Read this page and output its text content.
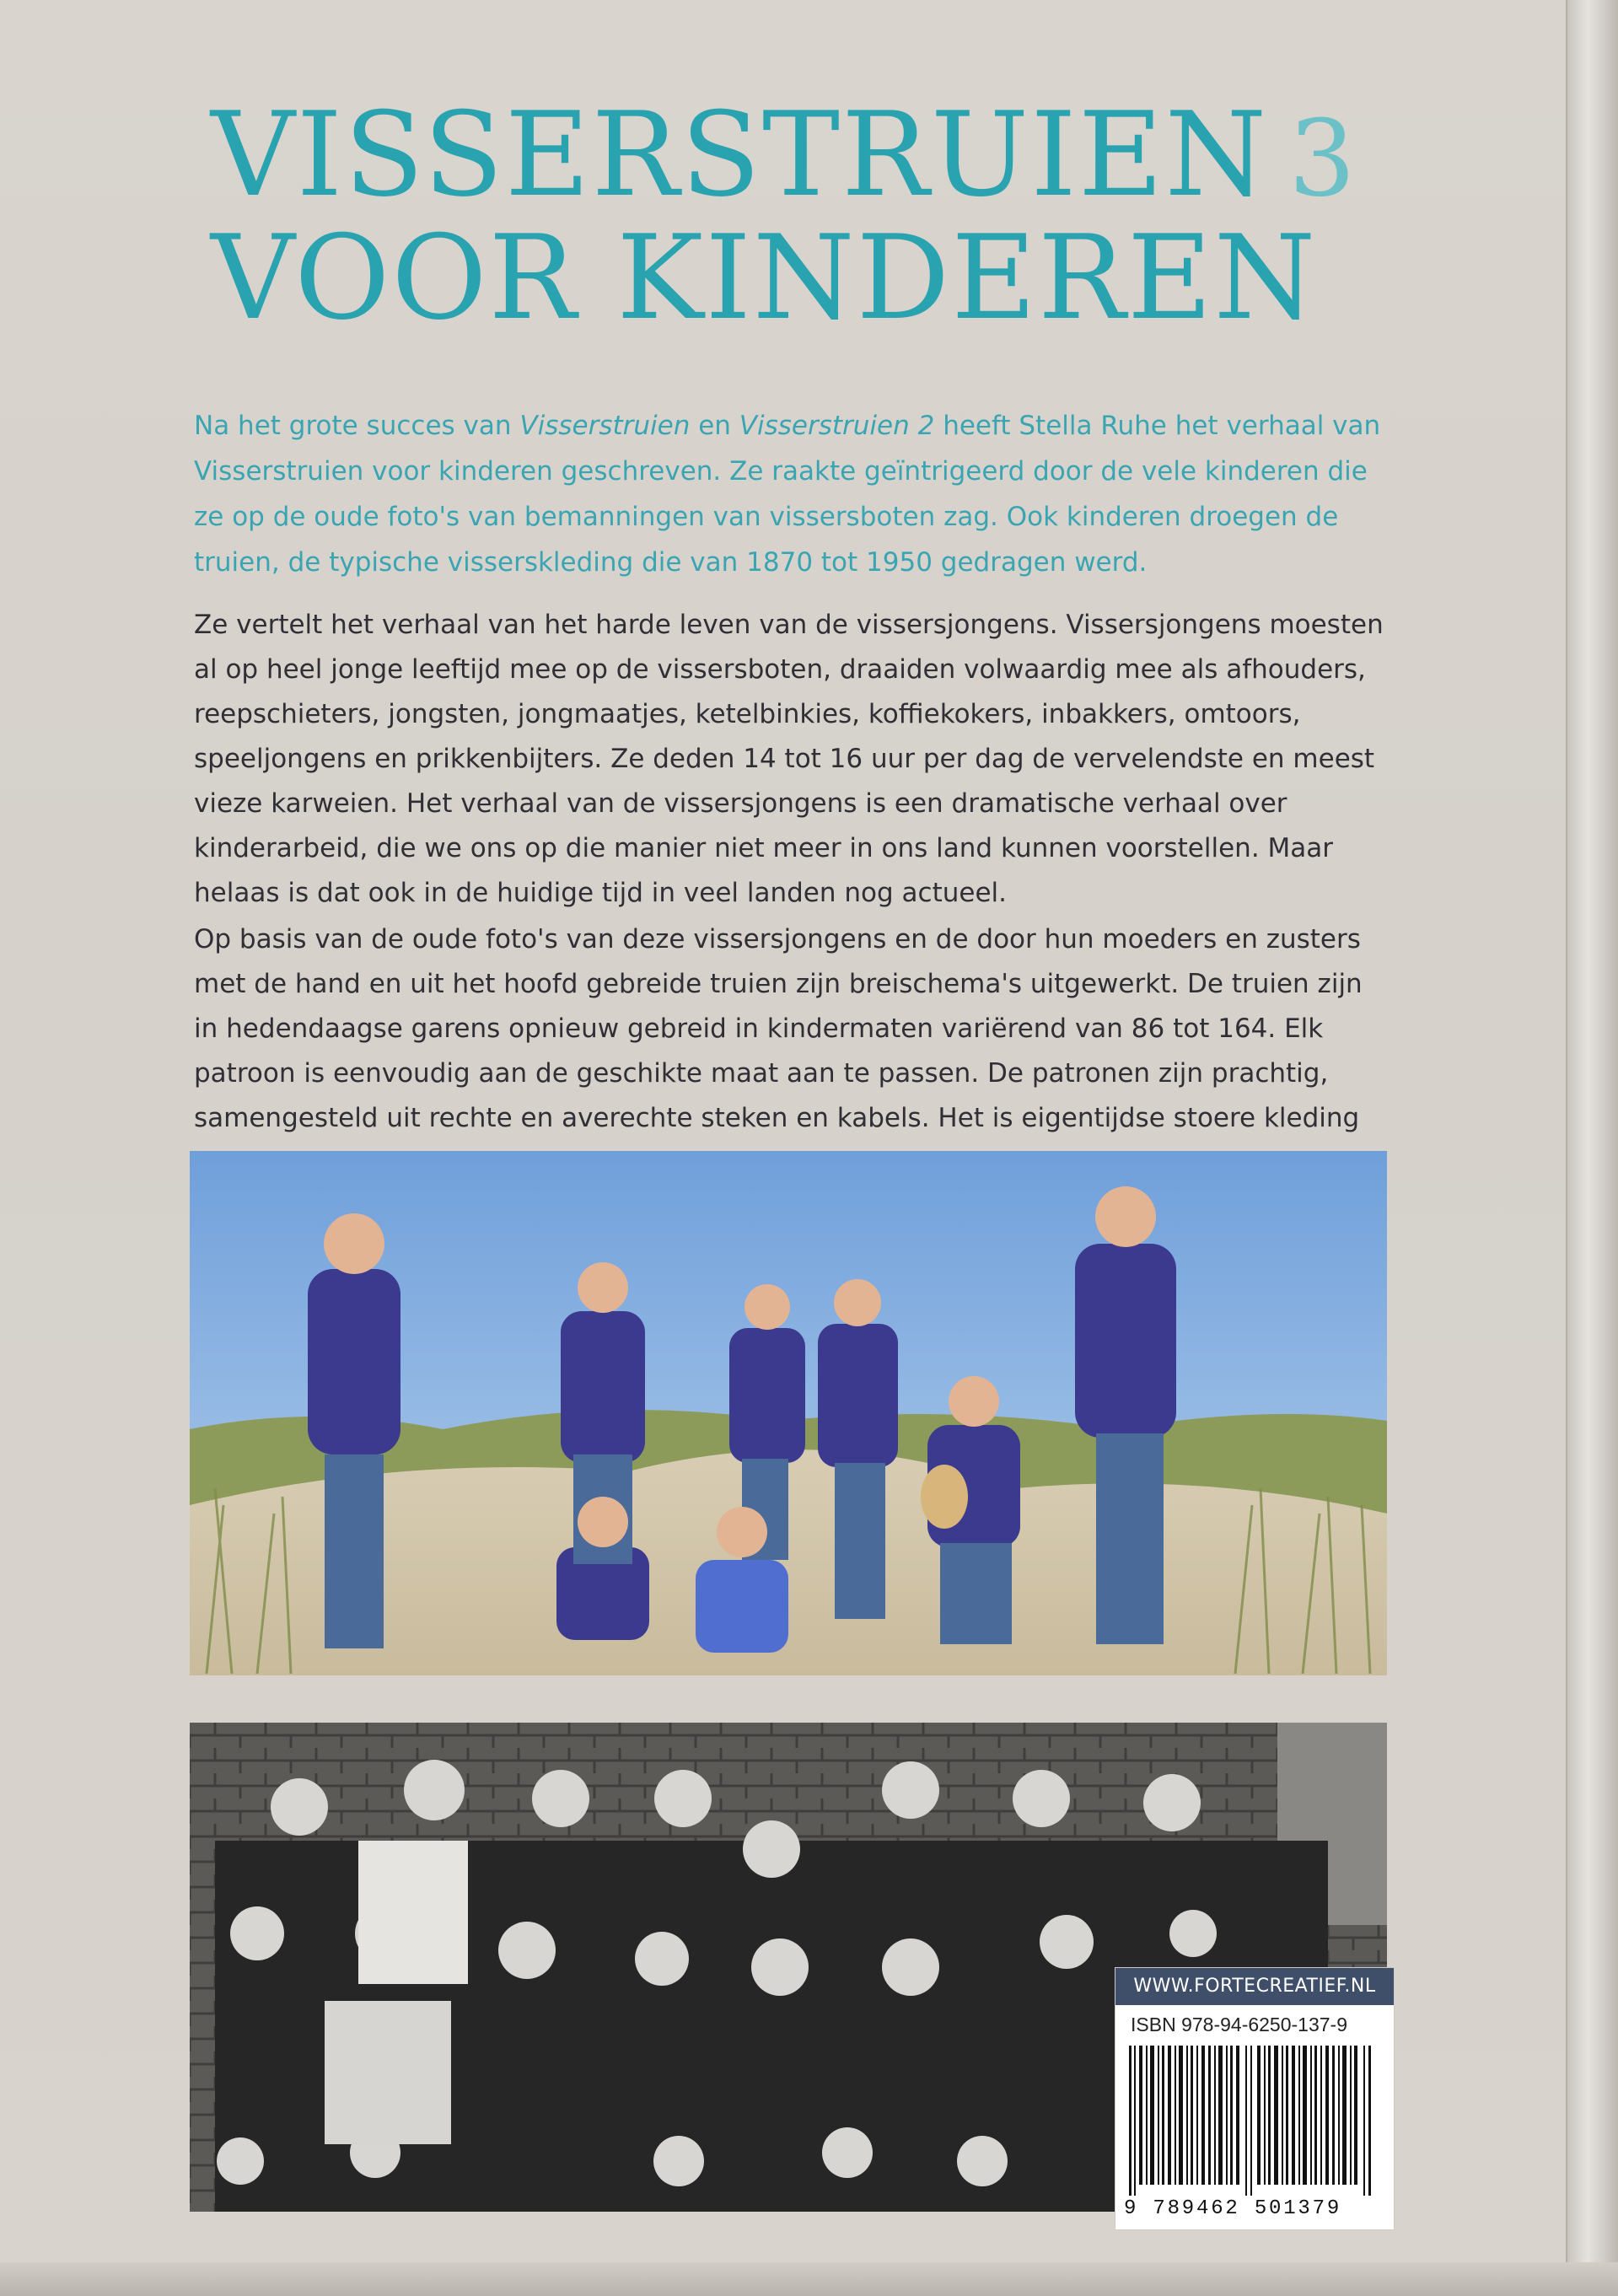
VISSERSTRUIEN 3
VOOR KINDEREN

Na het grote succes van Visserstruien en Visserstruien 2 heeft Stella Ruhe het verhaal van Visserstruien voor kinderen geschreven. Ze raakte geïntrigeerd door de vele kinderen die ze op de oude foto's van bemanningen van vissersboten zag. Ook kinderen droegen de truien, de typische visserskleding die van 1870 tot 1950 gedragen werd.

Ze vertelt het verhaal van het harde leven van de vissersjongens. Vissersjongens moesten al op heel jonge leeftijd mee op de vissersboten, draaiden volwaardig mee als afhouders, reepschieters, jongsten, jongmaatjes, ketelbinkies, koffiekokers, inbakkers, omtoors, speeljongens en prikkenbijters. Ze deden 14 tot 16 uur per dag de vervelendste en meest vieze karweien. Het verhaal van de vissersjongens is een dramatische verhaal over kinderarbeid, die we ons op die manier niet meer in ons land kunnen voorstellen. Maar helaas is dat ook in de huidige tijd in veel landen nog actueel.

Op basis van de oude foto's van deze vissersjongens en de door hun moeders en zusters met de hand en uit het hoofd gebreide truien zijn breischema's uitgewerkt. De truien zijn in hedendaagse garens opnieuw gebreid in kindermaten variërend van 86 tot 164. Elk patroon is eenvoudig aan de geschikte maat aan te passen. De patronen zijn prachtig, samengesteld uit rechte en averechte steken en kabels. Het is eigentijdse stoere kleding

WWW.FORTECREATIEF.NL
ISBN 978-94-6250-137-9
9 789462 501379
